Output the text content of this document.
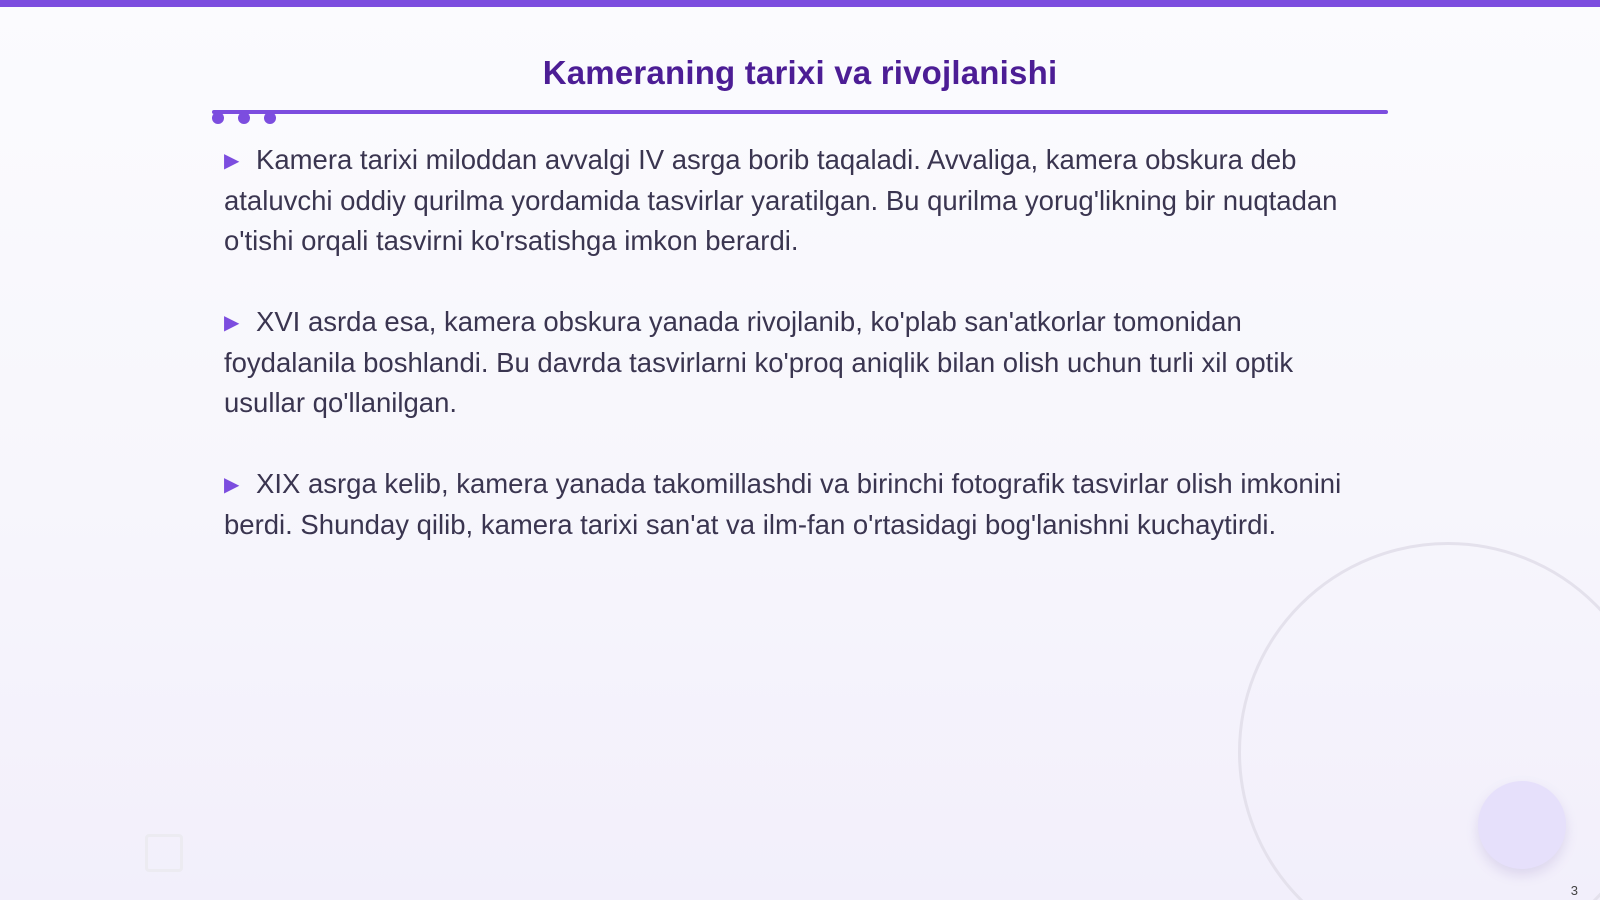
Kameraning tarixi va rivojlanishi

▶ Kamera tarixi miloddan avvalgi IV asrga borib taqaladi. Avvaliga, kamera obskura deb ataluvchi oddiy qurilma yordamida tasvirlar yaratilgan. Bu qurilma yorug'likning bir nuqtadan o'tishi orqali tasvirni ko'rsatishga imkon berardi.

▶ XVI asrda esa, kamera obskura yanada rivojlanib, ko'plab san'atkorlar tomonidan foydalanila boshlandi. Bu davrda tasvirlarni ko'proq aniqlik bilan olish uchun turli xil optik usullar qo'llanilgan.

▶ XIX asrga kelib, kamera yanada takomillashdi va birinchi fotografik tasvirlar olish imkonini berdi. Shunday qilib, kamera tarixi san'at va ilm-fan o'rtasidagi bog'lanishni kuchaytirdi.

3
